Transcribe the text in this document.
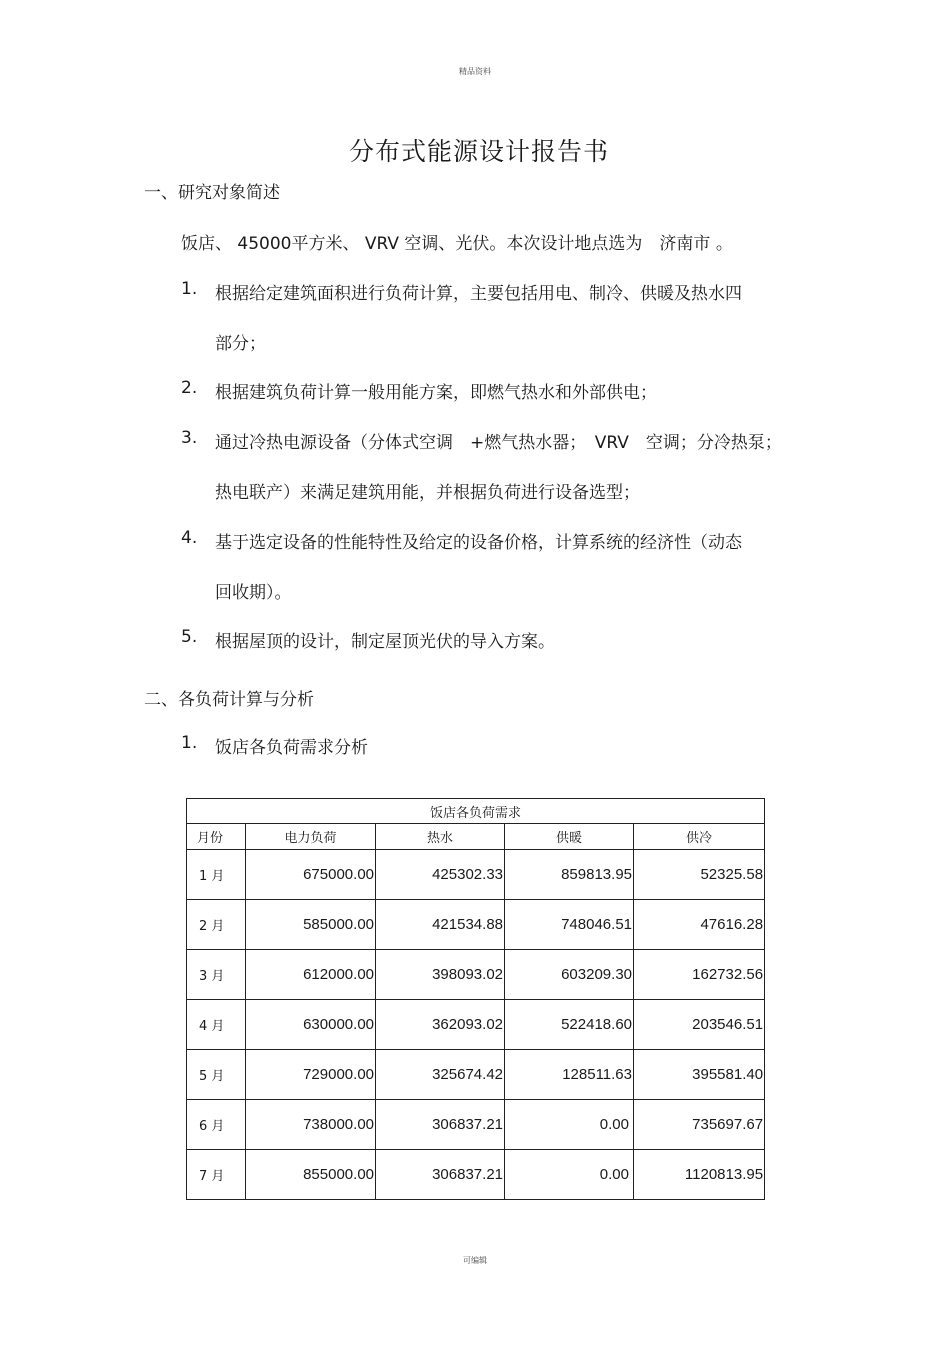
精品资料
分布式能源设计报告书
一、研究对象简述
饭店、 45000平方米、 VRV 空调、光伏。本次设计地点选为　济南市 。
1.	根据给定建筑面积进行负荷计算，主要包括用电、制冷、供暖及热水四
部分；
2.	根据建筑负荷计算一般用能方案，即燃气热水和外部供电；
3.	通过冷热电源设备（分体式空调　+燃气热水器；　VRV　空调；分冷热泵；
热电联产）来满足建筑用能，并根据负荷进行设备选型；
4.	基于选定设备的性能特性及给定的设备价格，计算系统的经济性（动态
回收期）。
5.	根据屋顶的设计，制定屋顶光伏的导入方案。
二、各负荷计算与分析
1.	饭店各负荷需求分析
饭店各负荷需求				
月份	电力负荷	热水	供暖	供冷
1 月	675000.00	425302.33	859813.95	52325.58
2 月	585000.00	421534.88	748046.51	47616.28
3 月	612000.00	398093.02	603209.30	162732.56
4 月	630000.00	362093.02	522418.60	203546.51
5 月	729000.00	325674.42	128511.63	395581.40
6 月	738000.00	306837.21	0.00	735697.67
7 月	855000.00	306837.21	0.00	1120813.95
可编辑
